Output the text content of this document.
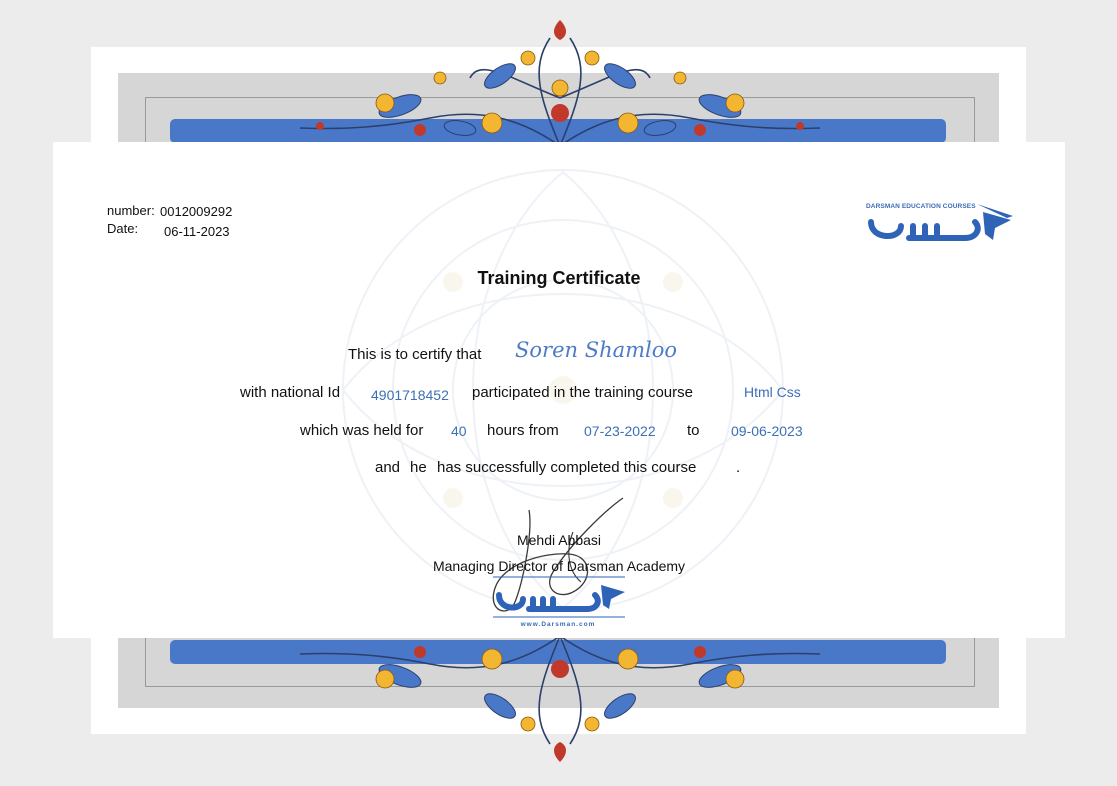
number: 0012009292
Date: 06-11-2023
DARSMAN EDUCATION COURSES
Training Certificate
This is to certify that Soren Shamloo
with national Id 4901718452 participated in the training course	Html Css
which was held for 40 hours from 07-23-2022 to 09-06-2023
and he has successfully completed this course	.
Mehdi Abbasi
Managing Director of Darsman Academy
www.Darsman.com
